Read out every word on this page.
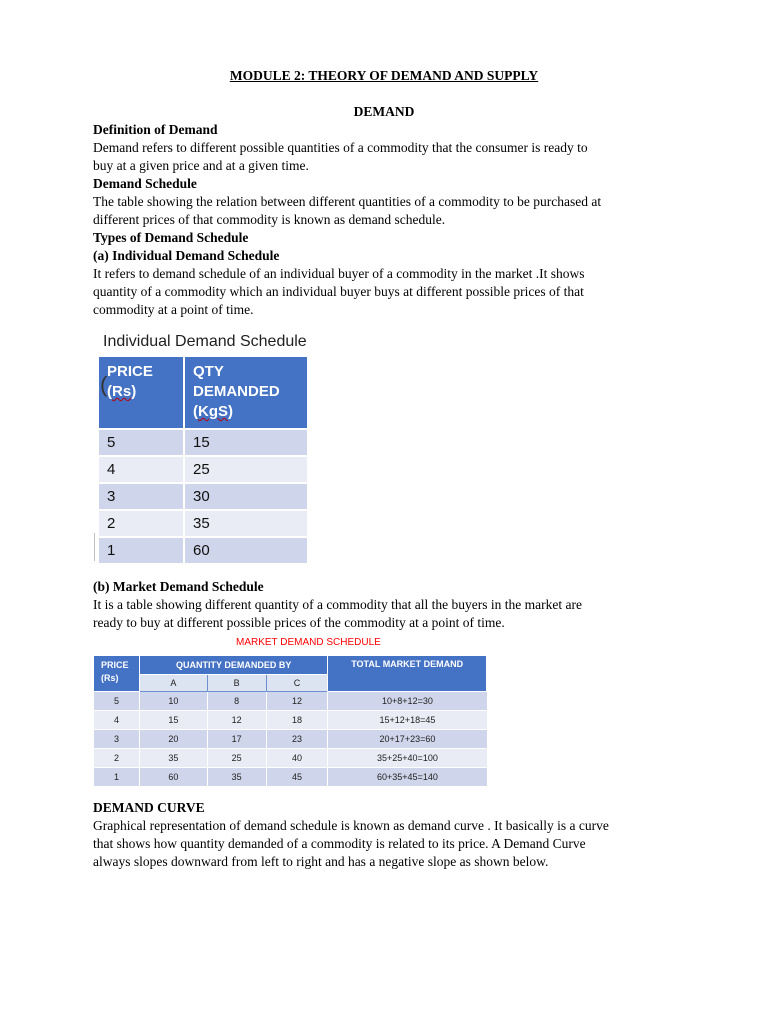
MODULE 2: THEORY OF DEMAND AND SUPPLY
DEMAND
Definition of Demand
Demand refers to different possible quantities of a commodity that the consumer is ready to
buy at a given price and at a given time.
Demand Schedule
The table showing the relation between different quantities of a commodity to be purchased at
different prices of that commodity is known as demand schedule.
Types of Demand Schedule
(a) Individual Demand Schedule
It refers to demand schedule of an individual buyer of a commodity in the market .It shows
quantity of a commodity which an individual buyer buys at different possible prices of that
commodity at a point of time.
Individual Demand Schedule
PRICE
(Rs)	QTY
DEMANDED
(KgS)
5	15
4	25
3	30
2	35
1	60
(
(b) Market Demand Schedule
It is a table showing different quantity of a commodity that all the buyers in the market are
ready to buy at different possible prices of the commodity at a point of time.
MARKET DEMAND SCHEDULE
PRICE
(Rs)	QUANTITY DEMANDED BY			TOTAL MARKET DEMAND
	A	B	C	
5	10	8	12	10+8+12=30
4	15	12	18	15+12+18=45
3	20	17	23	20+17+23=60
2	35	25	40	35+25+40=100
1	60	35	45	60+35+45=140
DEMAND CURVE
Graphical representation of demand schedule is known as demand curve . It basically is a curve
that shows how quantity demanded of a commodity is related to its price. A Demand Curve
always slopes downward from left to right and has a negative slope as shown below.
